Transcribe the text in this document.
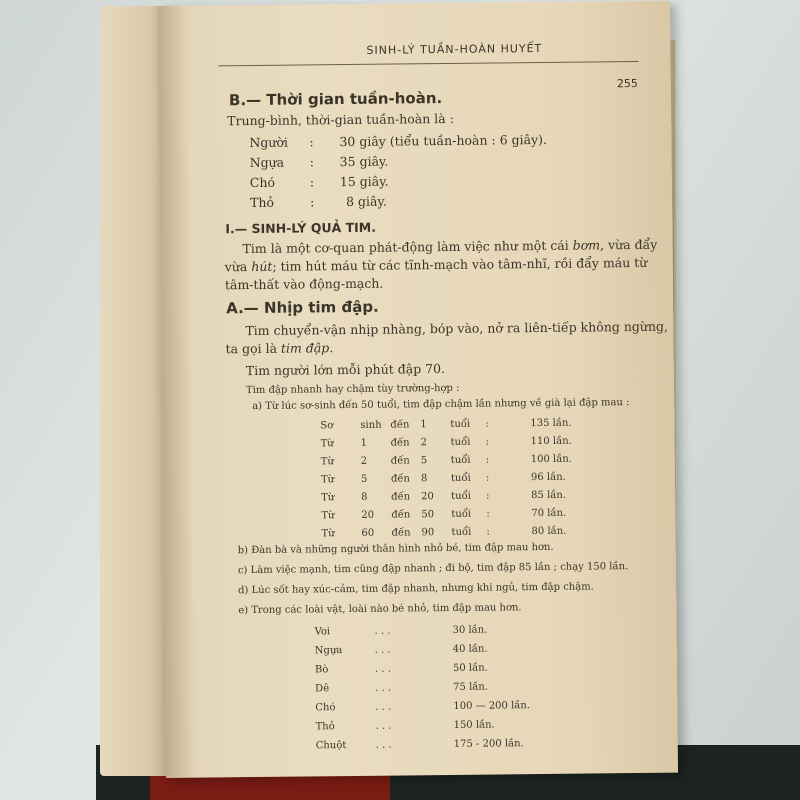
SINH-LÝ TUẦN-HOÀN HUYẾT
255
B.— Thời gian tuần-hoàn.
Trung-bình, thời-gian tuần-hoàn là :
Người : 30 giây (tiểu tuần-hoàn : 6 giây).
Ngựa : 35 giây.
Chó	: 15 giây.
Thỏ	:	8 giây.
I.— SINH-LÝ QUẢ TIM.
Tim là một cơ-quan phát-động làm việc như một cái bơm, vừa đẩy
vừa hút; tim hút máu từ các tĩnh-mạch vào tâm-nhĩ, rồi đẩy máu từ
tâm-thất vào động-mạch.
A.— Nhịp tim đập.
Tim chuyển-vận nhịp nhàng, bóp vào, nở ra liên-tiếp không ngừng,
ta gọi là tim đập.
Tim người lớn mỗi phút đập 70.
Tim đập nhanh hay chậm tùy trường-hợp :
a) Từ lúc sơ-sinh đến 50 tuổi, tim đập chậm lần nhưng về già lại đập mau :
Sơ	sinh đến 1 tuổi :	135 lần.
Từ	1 đến 2 tuổi :	110 lần.
Từ	2 đến 5 tuổi :	100 lần.
Từ	5 đến 8 tuổi :	96 lần.
Từ	8 đến 20 tuổi :	85 lần.
Từ	20 đến 50 tuổi :	70 lần.
Từ	60 đến 90 tuổi :	80 lần.
b) Đàn bà và những người thân hình nhỏ bé, tim đập mau hơn.
c) Làm việc mạnh, tim cũng đập nhanh ; đi bộ, tim đập 85 lần ; chạy 150 lần.
d) Lúc sốt hay xúc-cảm, tim đập nhanh, nhưng khi ngủ, tim đập chậm.
e) Trong các loài vật, loài nào bé nhỏ, tim đập mau hơn.
Voi	. . .	30 lần.
Ngựa	. . .	40 lần.
Bò	. . .	50 lần.
Dê	. . .	75 lần.
Chó	. . .	100 — 200 lần.
Thỏ	. . .	150 lần.
Chuột	. . .	175 - 200 lần.
